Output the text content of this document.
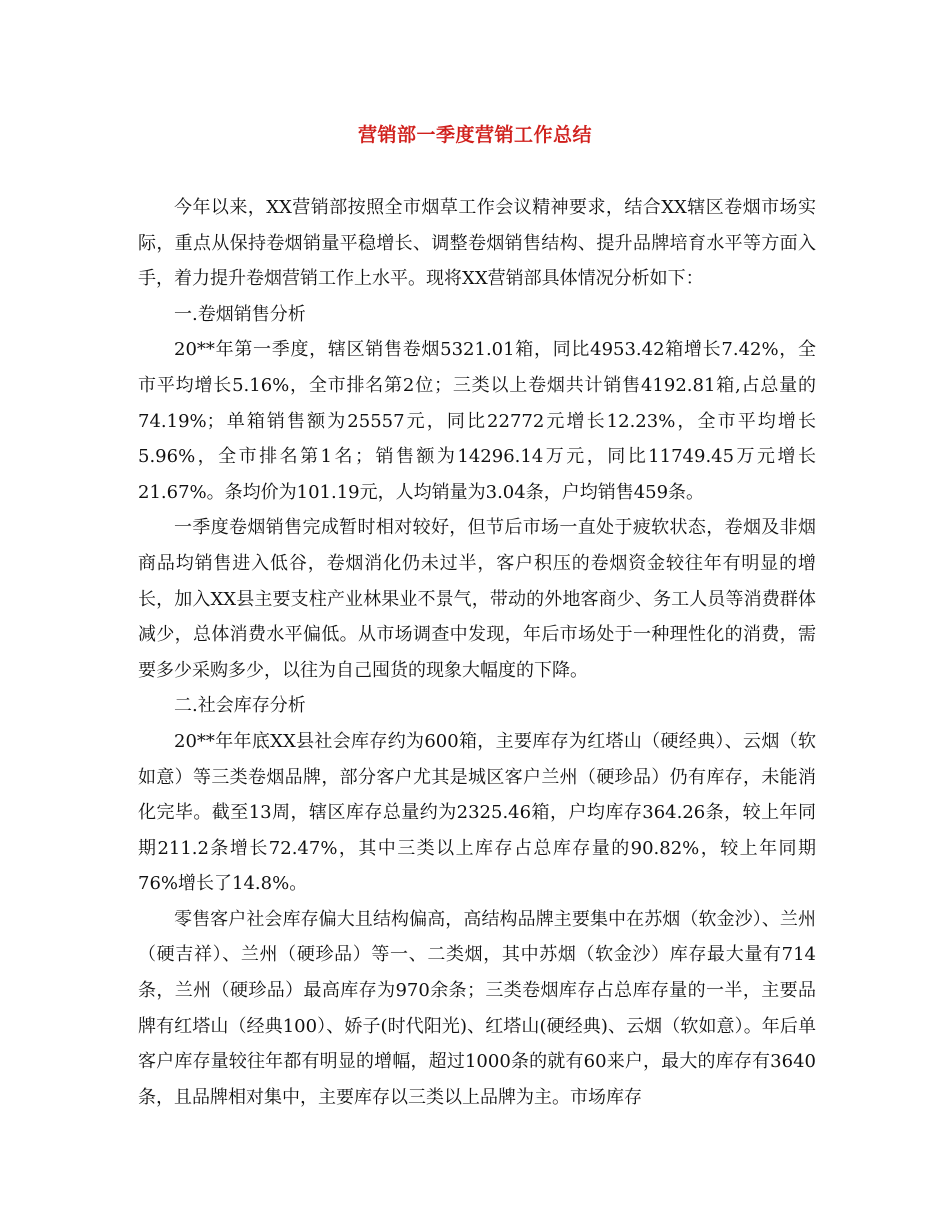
营销部一季度营销工作总结

今年以来，XX营销部按照全市烟草工作会议精神要求，结合XX辖区卷烟市场实际，重点从保持卷烟销量平稳增长、调整卷烟销售结构、提升品牌培育水平等方面入手，着力提升卷烟营销工作上水平。现将XX营销部具体情况分析如下：

一.卷烟销售分析

20**年第一季度，辖区销售卷烟5321.01箱，同比4953.42箱增长7.42%，全市平均增长5.16%，全市排名第2位；三类以上卷烟共计销售4192.81箱,占总量的74.19%；单箱销售额为25557元，同比22772元增长12.23%，全市平均增长5.96%，全市排名第1名；销售额为14296.14万元，同比11749.45万元增长21.67%。条均价为101.19元，人均销量为3.04条，户均销售459条。

一季度卷烟销售完成暂时相对较好，但节后市场一直处于疲软状态，卷烟及非烟商品均销售进入低谷，卷烟消化仍未过半，客户积压的卷烟资金较往年有明显的增长，加入XX县主要支柱产业林果业不景气，带动的外地客商少、务工人员等消费群体减少，总体消费水平偏低。从市场调查中发现，年后市场处于一种理性化的消费，需要多少采购多少，以往为自己囤货的现象大幅度的下降。

二.社会库存分析

20**年年底XX县社会库存约为600箱，主要库存为红塔山（硬经典）、云烟（软如意）等三类卷烟品牌，部分客户尤其是城区客户兰州（硬珍品）仍有库存，未能消化完毕。截至13周，辖区库存总量约为2325.46箱，户均库存364.26条，较上年同期211.2条增长72.47%，其中三类以上库存占总库存量的90.82%，较上年同期76%增长了14.8%。

零售客户社会库存偏大且结构偏高，高结构品牌主要集中在苏烟（软金沙）、兰州（硬吉祥）、兰州（硬珍品）等一、二类烟，其中苏烟（软金沙）库存最大量有714条，兰州（硬珍品）最高库存为970余条；三类卷烟库存占总库存量的一半，主要品牌有红塔山（经典100）、娇子(时代阳光)、红塔山(硬经典)、云烟（软如意）。年后单客户库存量较往年都有明显的增幅，超过1000条的就有60来户，最大的库存有3640条，且品牌相对集中，主要库存以三类以上品牌为主。市场库存
